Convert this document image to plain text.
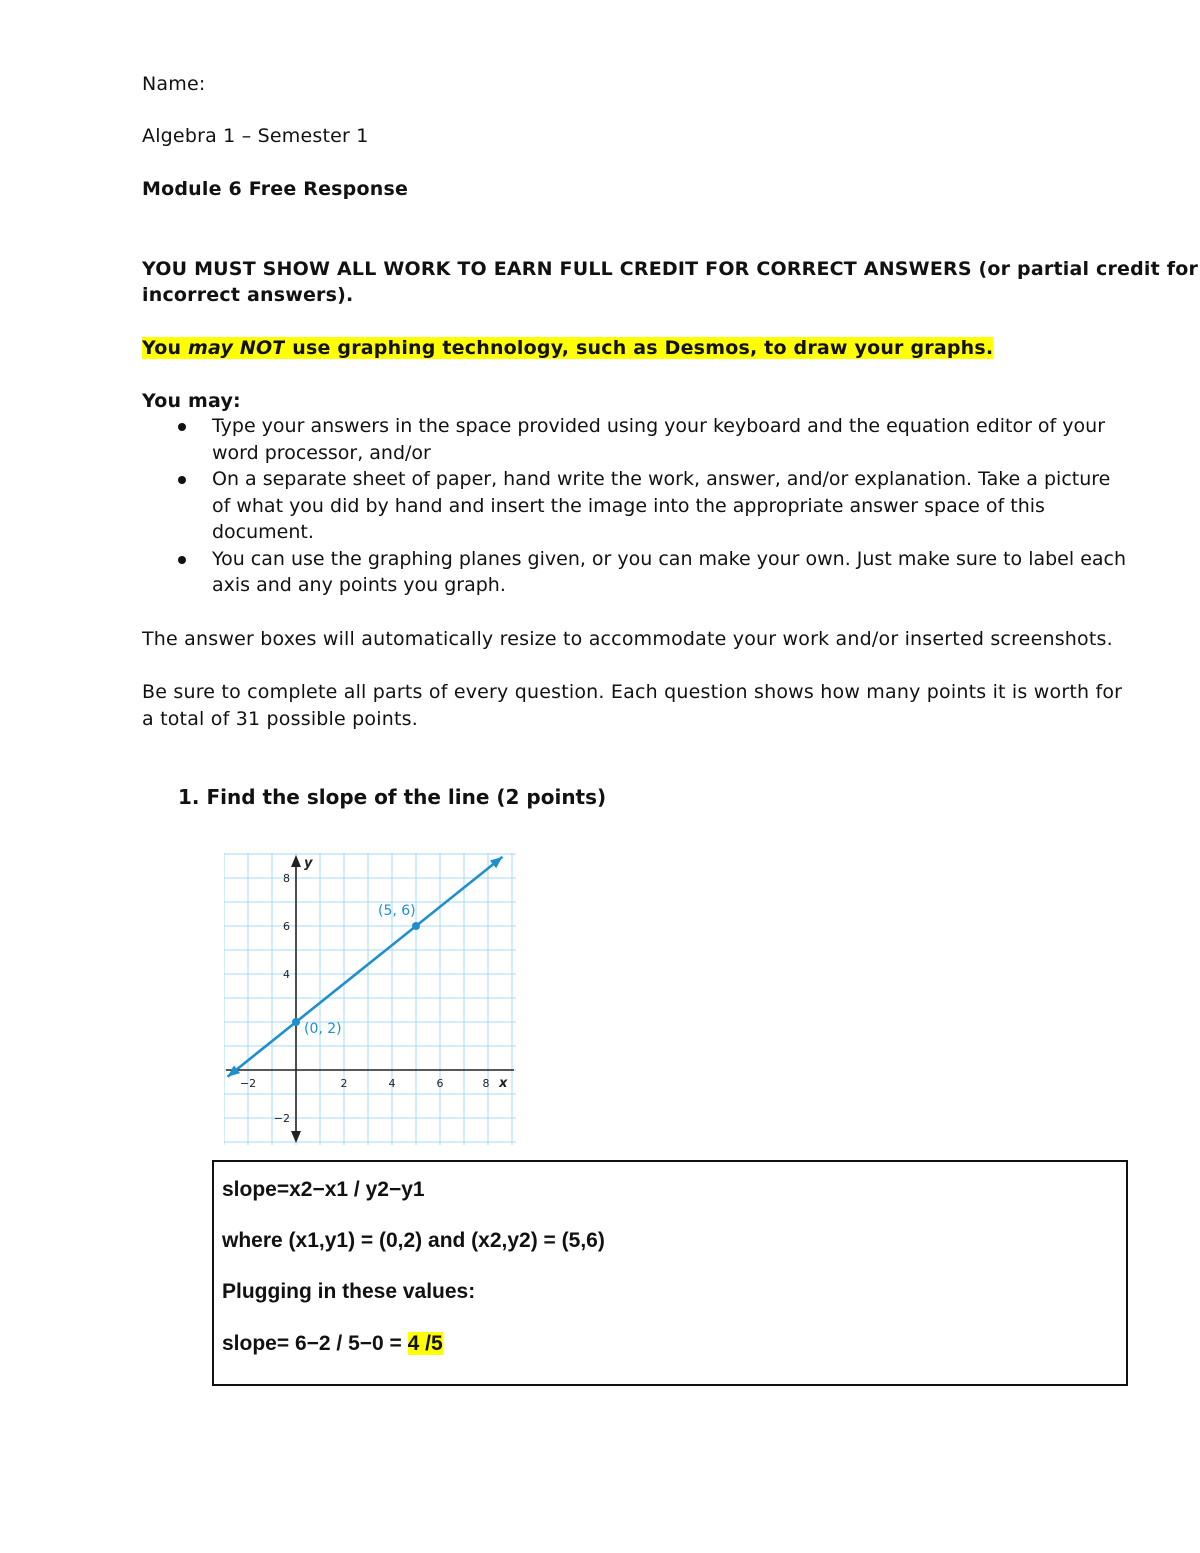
Name:
Algebra 1 – Semester 1
Module 6 Free Response
YOU MUST SHOW ALL WORK TO EARN FULL CREDIT FOR CORRECT ANSWERS (or partial credit for
incorrect answers).
You may NOT use graphing technology, such as Desmos, to draw your graphs.
You may:
Type your answers in the space provided using your keyboard and the equation editor of your word processor, and/or
On a separate sheet of paper, hand write the work, answer, and/or explanation. Take a picture of what you did by hand and insert the image into the appropriate answer space of this document.
You can use the graphing planes given, or you can make your own. Just make sure to label each axis and any points you graph.
The answer boxes will automatically resize to accommodate your work and/or inserted screenshots.
Be sure to complete all parts of every question. Each question shows how many points it is worth for
a total of 31 possible points.
1. Find the slope of the line (2 points)
y
x
−2	2	4	6	8
8
6
4
−2
(0, 2)
(5, 6)
slope=x2−x1 / y2−y1
where (x1,y1) = (0,2) and (x2,y2) = (5,6)
Plugging in these values:
slope= 6−2 / 5−0 = 4 /5
